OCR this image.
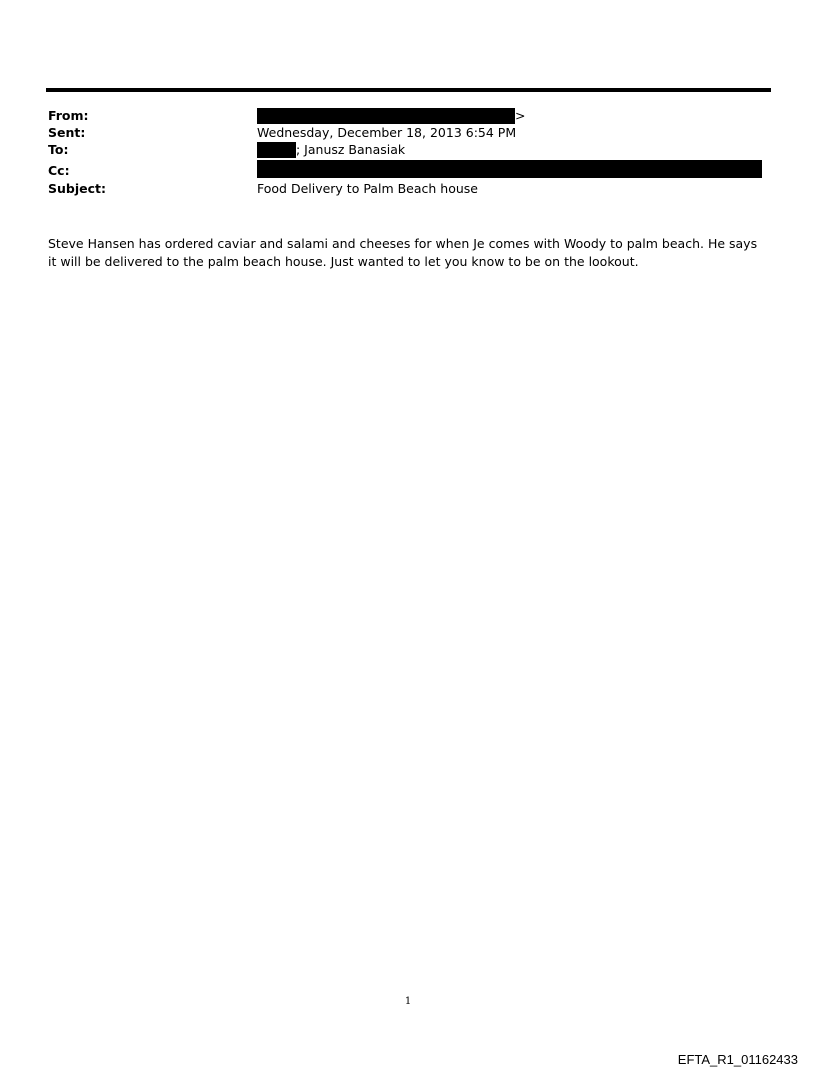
From:	>
Sent:	Wednesday, December 18, 2013 6:54 PM
To:	; Janusz Banasiak
Cc:
Subject:	Food Delivery to Palm Beach house
Steve Hansen has ordered caviar and salami and cheeses for when Je comes with Woody to palm beach. He says it will be delivered to the palm beach house. Just wanted to let you know to be on the lookout.
1
EFTA_R1_01162433
